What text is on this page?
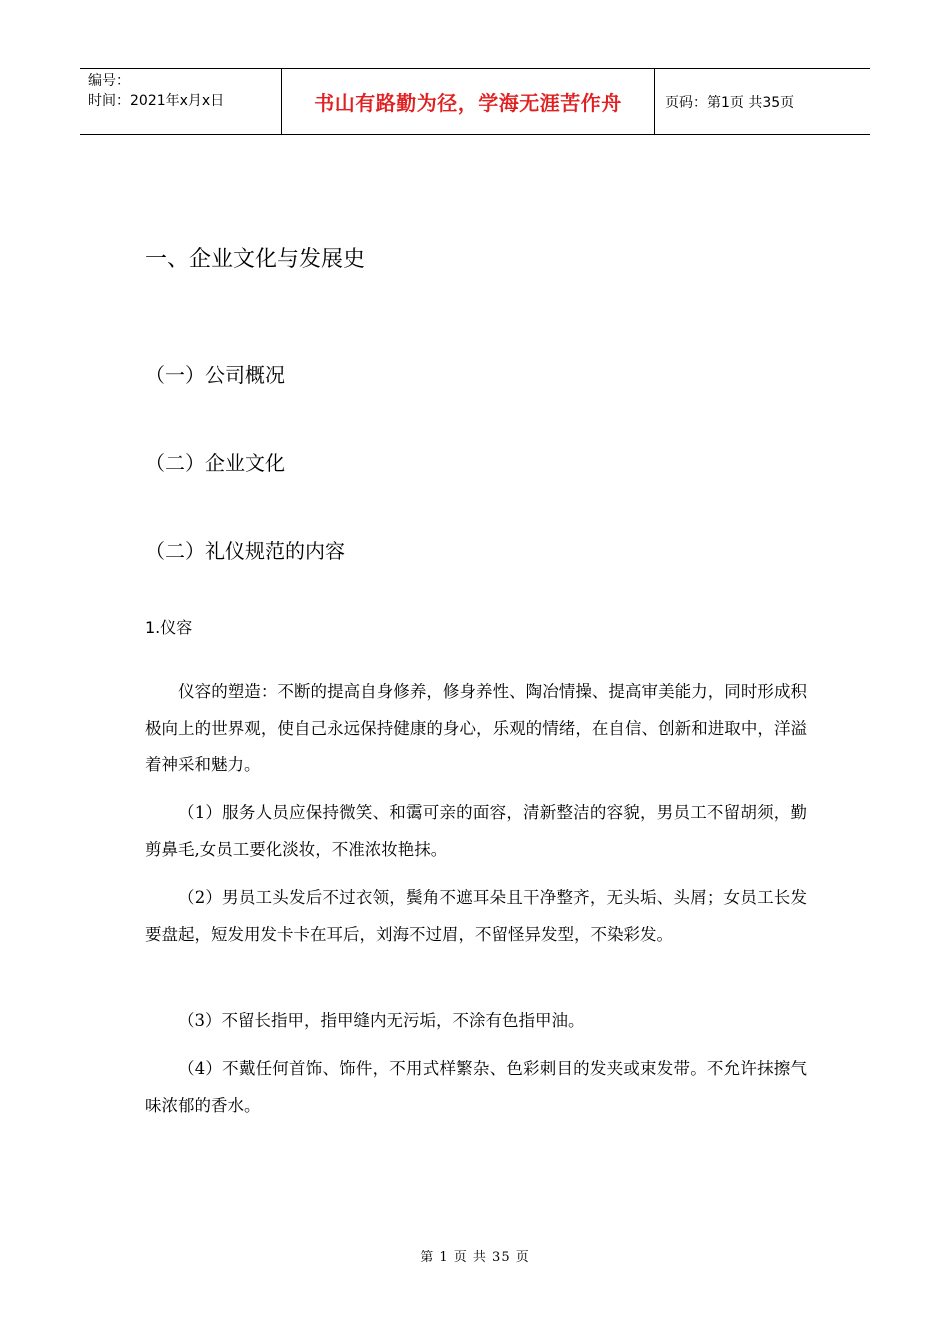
编号：
时间：2021年x月x日	书山有路勤为径，学海无涯苦作舟	页码：第1页 共35页
一、企业文化与发展史
（一）公司概况
（二）企业文化
（二）礼仪规范的内容
1.仪容

　　仪容的塑造：不断的提高自身修养，修身养性、陶冶情操、提高审美能力，同时形成积极向上的世界观，使自己永远保持健康的身心，乐观的情绪，在自信、创新和进取中，洋溢着神采和魅力。

（1）服务人员应保持微笑、和霭可亲的面容，清新整洁的容貌，男员工不留胡须，勤剪鼻毛,女员工要化淡妆，不准浓妆艳抹。

（2）男员工头发后不过衣领，鬓角不遮耳朵且干净整齐，无头垢、头屑；女员工长发要盘起，短发用发卡卡在耳后，刘海不过眉，不留怪异发型，不染彩发。

（3）不留长指甲，指甲缝内无污垢，不涂有色指甲油。

（4）不戴任何首饰、饰件，不用式样繁杂、色彩刺目的发夹或束发带。不允许抹擦气味浓郁的香水。

第 1 页 共 35 页
